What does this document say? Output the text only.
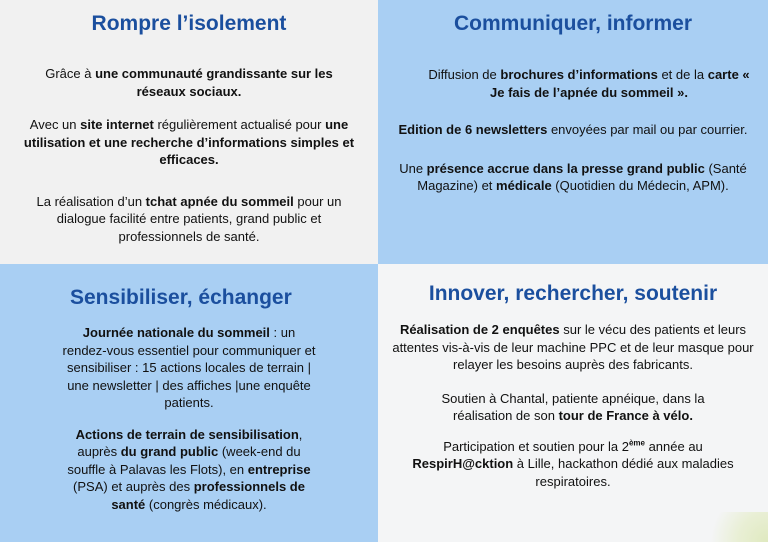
Rompre l’isolement

Grâce à une communauté grandissante sur les réseaux sociaux.

Avec un site internet régulièrement actualisé pour une utilisation et une recherche d’informations simples et efficaces.

La réalisation d’un tchat apnée du sommeil pour un dialogue facilité entre patients, grand public et professionnels de santé.

Communiquer, informer

Diffusion de brochures d’informations et de la carte « Je fais de l’apnée du sommeil ».

Edition de 6 newsletters envoyées par mail ou par courrier.

Une présence accrue dans la presse grand public (Santé Magazine) et médicale (Quotidien du Médecin, APM).

Sensibiliser, échanger

Journée nationale du sommeil : un rendez-vous essentiel pour communiquer et sensibiliser : 15 actions locales de terrain | une newsletter | des affiches |une enquête patients.

Actions de terrain de sensibilisation, auprès du grand public (week-end du souffle à Palavas les Flots), en entreprise (PSA) et auprès des professionnels de santé (congrès médicaux).

Innover, rechercher, soutenir

Réalisation de 2 enquêtes sur le vécu des patients et leurs attentes vis-à-vis de leur machine PPC et de leur masque pour relayer les besoins auprès des fabricants.

Soutien à Chantal, patiente apnéique, dans la réalisation de son tour de France à vélo.

Participation et soutien pour la 2ème année au RespirH@cktion à Lille, hackathon dédié aux maladies respiratoires.
